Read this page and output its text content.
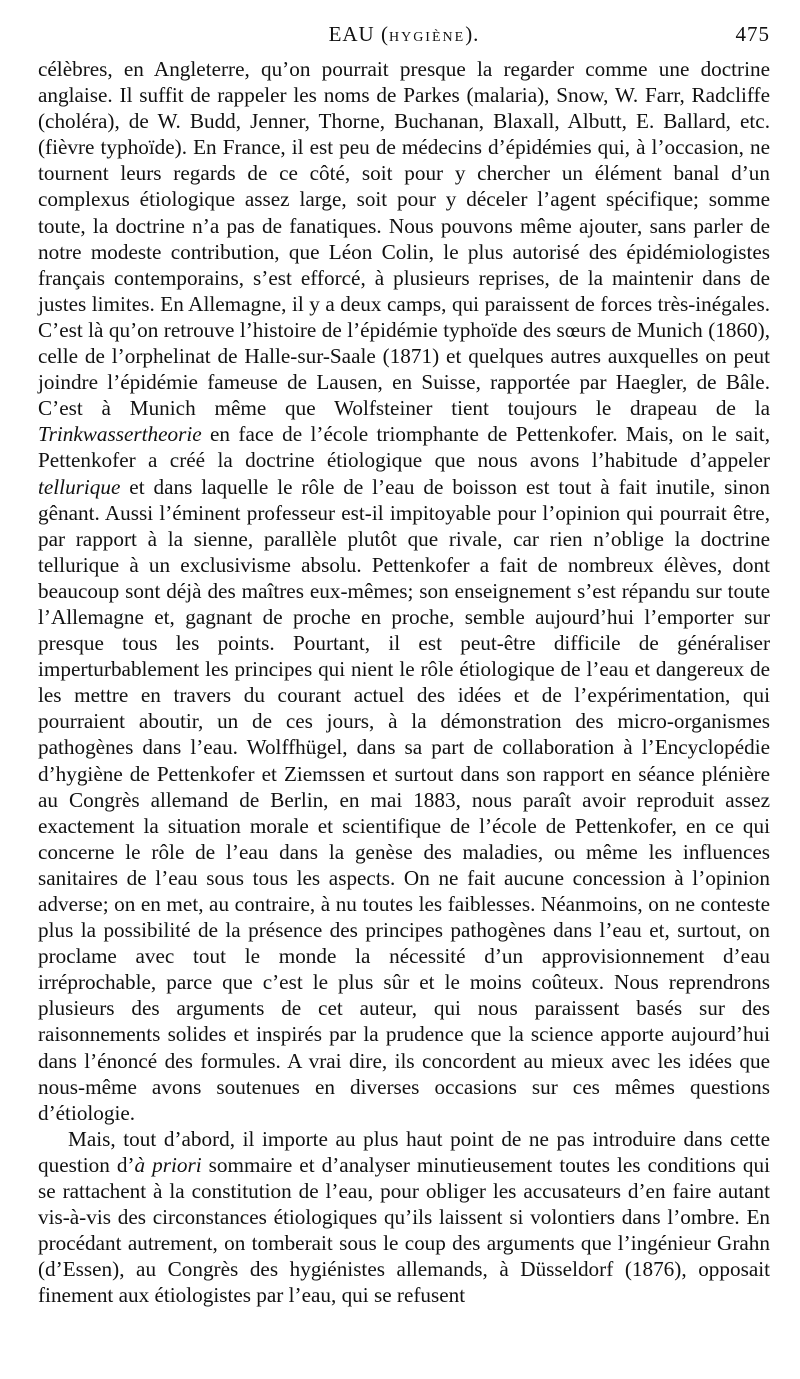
EAU (HYGIÈNE).	475

célèbres, en Angleterre, qu’on pourrait presque la regarder comme une doctrine anglaise. Il suffit de rappeler les noms de Parkes (malaria), Snow, W. Farr, Radcliffe (choléra), de W. Budd, Jenner, Thorne, Buchanan, Blaxall, Albutt, E. Ballard, etc. (fièvre typhoïde). En France, il est peu de médecins d’épidémies qui, à l’occasion, ne tournent leurs regards de ce côté, soit pour y chercher un élément banal d’un complexus étiologique assez large, soit pour y déceler l’agent spécifique; somme toute, la doctrine n’a pas de fanatiques. Nous pouvons même ajouter, sans parler de notre modeste contribution, que Léon Colin, le plus autorisé des épidémiologistes français contemporains, s’est efforcé, à plusieurs reprises, de la maintenir dans de justes limites. En Allemagne, il y a deux camps, qui paraissent de forces très-inégales. C’est là qu’on retrouve l’histoire de l’épidémie typhoïde des sœurs de Munich (1860), celle de l’orphelinat de Halle-sur-Saale (1871) et quelques autres auxquelles on peut joindre l’épidémie fameuse de Lausen, en Suisse, rapportée par Haegler, de Bâle. C’est à Munich même que Wolfsteiner tient toujours le drapeau de la Trinkwassertheorie en face de l’école triomphante de Pettenkofer. Mais, on le sait, Pettenkofer a créé la doctrine étiologique que nous avons l’habitude d’appeler tellurique et dans laquelle le rôle de l’eau de boisson est tout à fait inutile, sinon gênant. Aussi l’éminent professeur est-il impitoyable pour l’opinion qui pourrait être, par rapport à la sienne, parallèle plutôt que rivale, car rien n’oblige la doctrine tellurique à un exclusivisme absolu. Pettenkofer a fait de nombreux élèves, dont beaucoup sont déjà des maîtres eux-mêmes; son enseignement s’est répandu sur toute l’Allemagne et, gagnant de proche en proche, semble aujourd’hui l’emporter sur presque tous les points. Pourtant, il est peut-être difficile de généraliser imperturbablement les principes qui nient le rôle étiologique de l’eau et dangereux de les mettre en travers du courant actuel des idées et de l’expérimentation, qui pourraient aboutir, un de ces jours, à la démonstration des micro-organismes pathogènes dans l’eau. Wolffhügel, dans sa part de collaboration à l’Encyclopédie d’hygiène de Pettenkofer et Ziemssen et surtout dans son rapport en séance plénière au Congrès allemand de Berlin, en mai 1883, nous paraît avoir reproduit assez exactement la situation morale et scientifique de l’école de Pettenkofer, en ce qui concerne le rôle de l’eau dans la genèse des maladies, ou même les influences sanitaires de l’eau sous tous les aspects. On ne fait aucune concession à l’opinion adverse; on en met, au contraire, à nu toutes les faiblesses. Néanmoins, on ne conteste plus la possibilité de la présence des principes pathogènes dans l’eau et, surtout, on proclame avec tout le monde la nécessité d’un approvisionnement d’eau irréprochable, parce que c’est le plus sûr et le moins coûteux. Nous reprendrons plusieurs des arguments de cet auteur, qui nous paraissent basés sur des raisonnements solides et inspirés par la prudence que la science apporte aujourd’hui dans l’énoncé des formules. A vrai dire, ils concordent au mieux avec les idées que nous-même avons soutenues en diverses occasions sur ces mêmes questions d’étiologie.

Mais, tout d’abord, il importe au plus haut point de ne pas introduire dans cette question d’à priori sommaire et d’analyser minutieusement toutes les conditions qui se rattachent à la constitution de l’eau, pour obliger les accusateurs d’en faire autant vis-à-vis des circonstances étiologiques qu’ils laissent si volontiers dans l’ombre. En procédant autrement, on tomberait sous le coup des arguments que l’ingénieur Grahn (d’Essen), au Congrès des hygiénistes allemands, à Düsseldorf (1876), opposait finement aux étiologistes par l’eau, qui se refusent
